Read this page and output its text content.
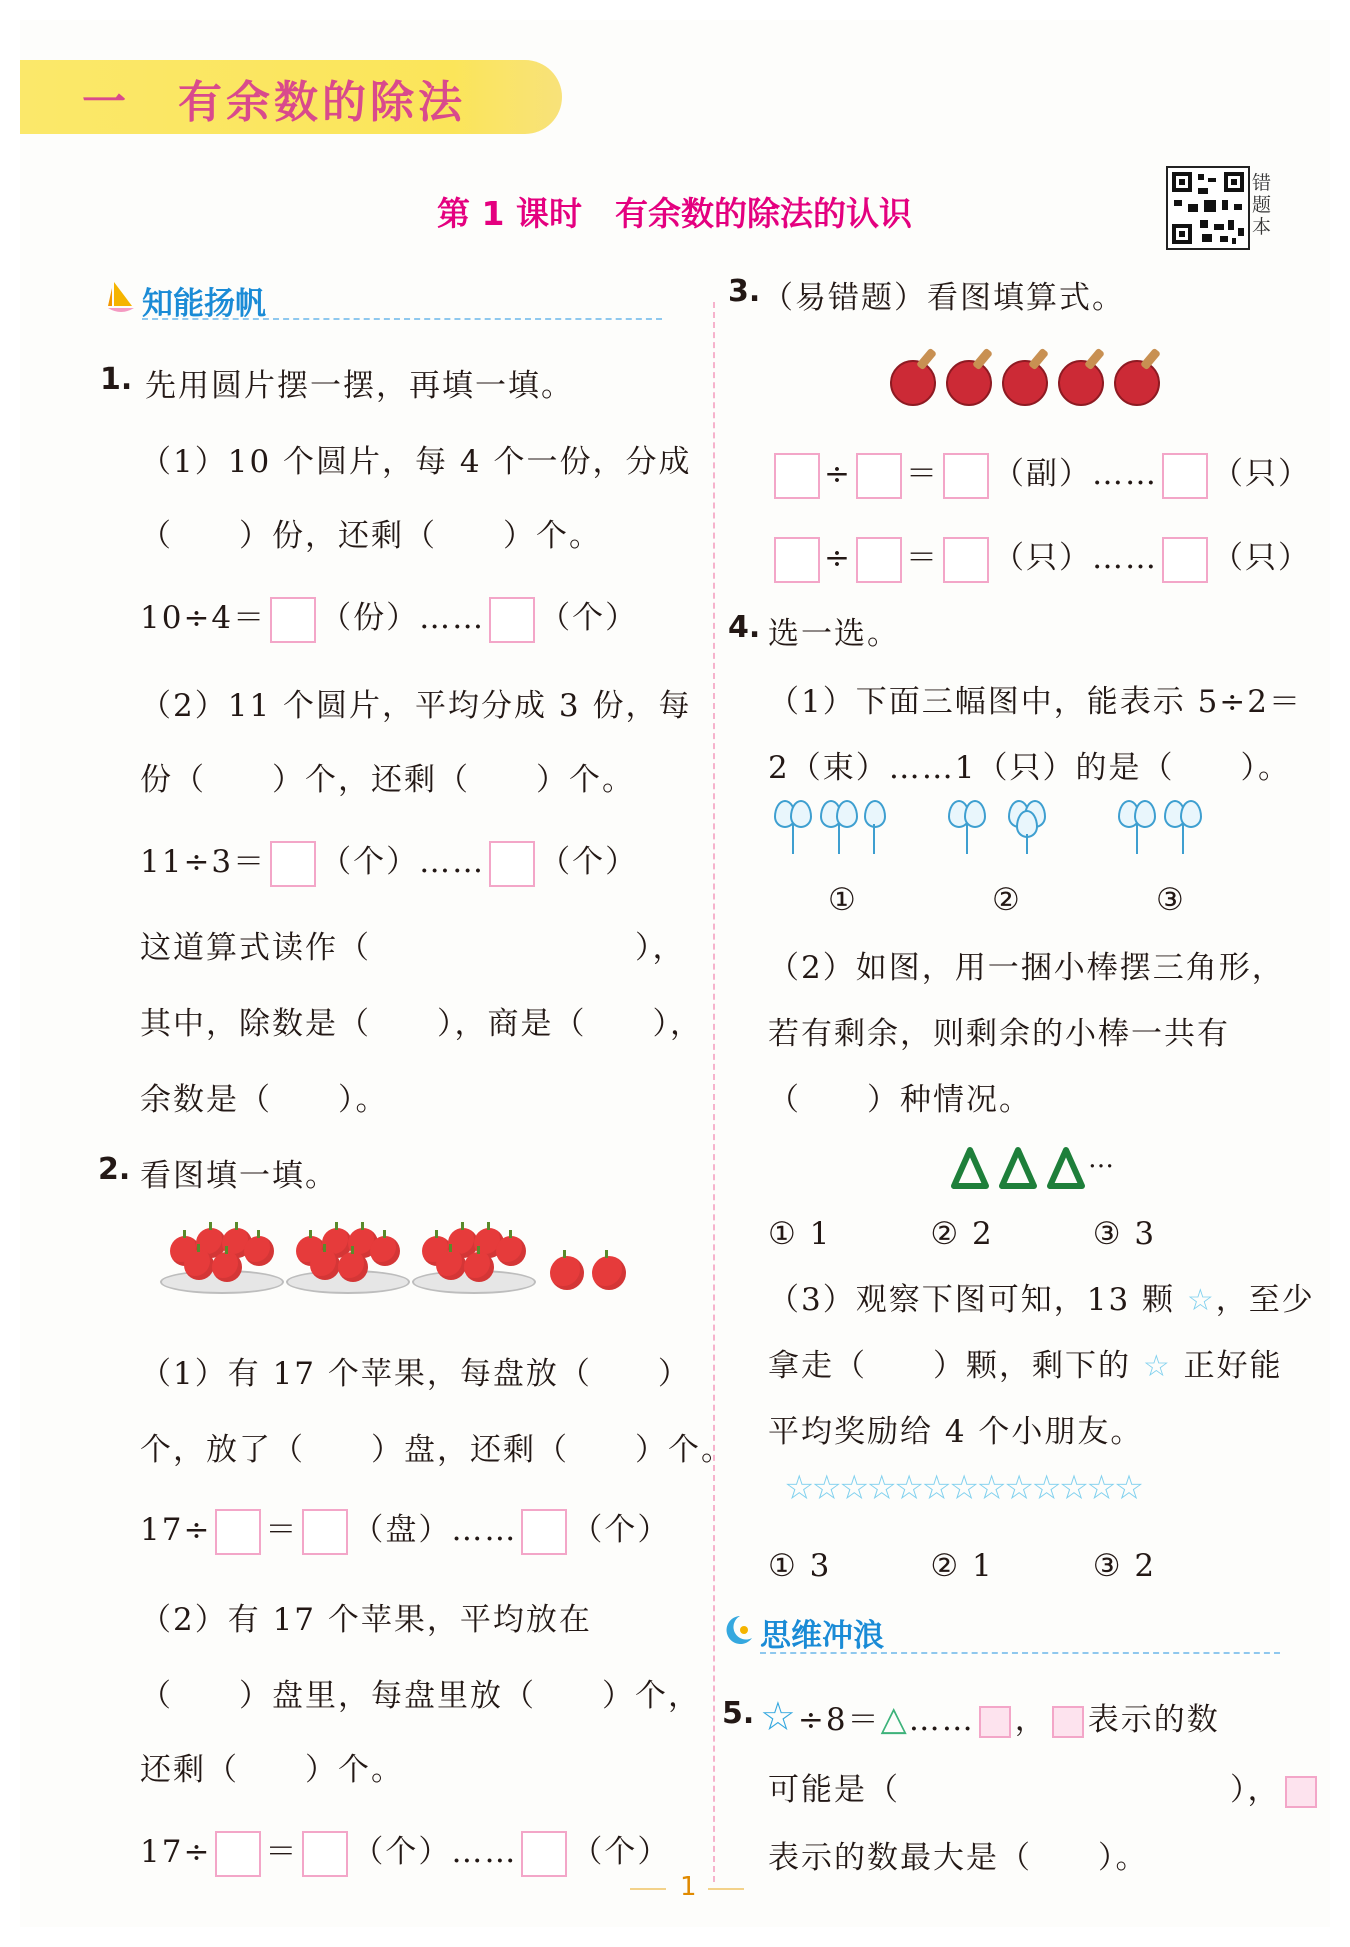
一　有余数的除法
第 1 课时　有余数的除法的认识
错题本
知能扬帆
1. 先用圆片摆一摆，再填一填。
（1）10 个圆片，每 4 个一份，分成
（　　）份，还剩（　　）个。
10÷4＝ （份）…… （个）
（2）11 个圆片，平均分成 3 份，每
份（　　）个，还剩（　　）个。
11÷3＝ （个）…… （个）
这道算式读作（　　　　　　　　），
其中，除数是（　　），商是（　　），
余数是（　　）。
2. 看图填一填。
（1）有 17 个苹果，每盘放（　　）
个，放了（　　）盘，还剩（　　）个。
17÷ ＝ （盘）…… （个）
（2）有 17 个苹果，平均放在
（　　）盘里，每盘里放（　　）个，
还剩（　　）个。
17÷ ＝ （个）…… （个）
3. （易错题）看图填算式。
÷ ＝ （副）…… （只）
÷ ＝ （只）…… （只）
4. 选一选。
（1）下面三幅图中，能表示 5÷2＝
2（束）……1（只）的是（　　）。
①	②	③
（2）如图，用一捆小棒摆三角形，
若有剩余，则剩余的小棒一共有
（　　）种情况。
…
① 1　　　② 2　　　③ 3
（3）观察下图可知，13 颗 ☆，至少
拿走（　　）颗，剩下的 ☆ 正好能
平均奖励给 4 个小朋友。
☆☆☆☆☆☆☆☆☆☆☆☆☆
① 3　　　② 1　　　③ 2
思维冲浪
5. ☆÷8＝△…… ， 表示的数
可能是（　　　　　　　　　　），
表示的数最大是（　　）。
1
